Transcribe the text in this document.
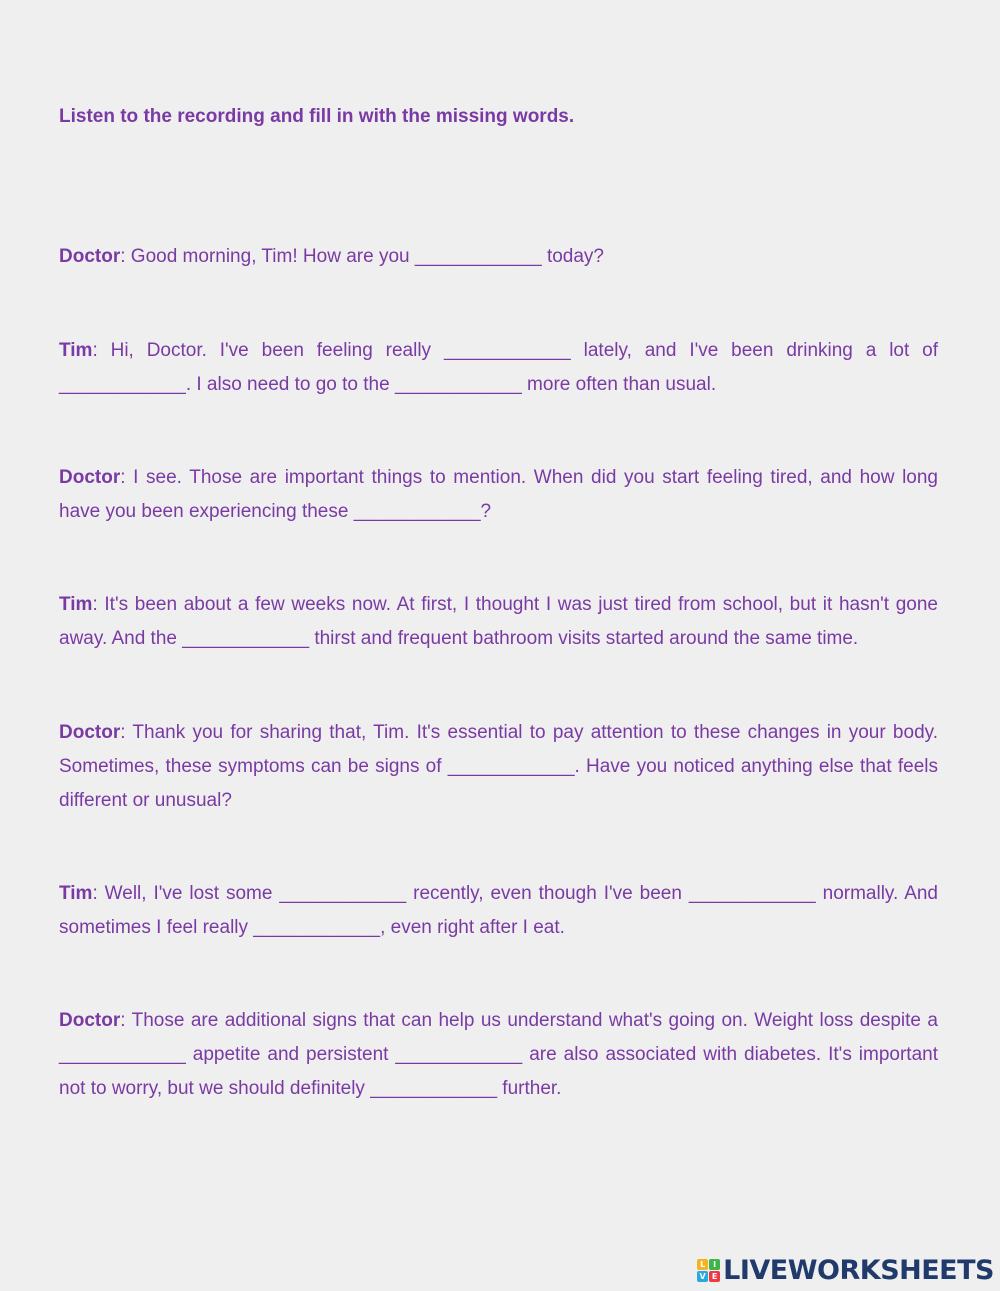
Listen to the recording and fill in with the missing words.
Doctor: Good morning, Tim! How are you ____________ today?
Tim: Hi, Doctor. I've been feeling really ____________ lately, and I've been drinking a lot of ____________. I also need to go to the ____________ more often than usual.
Doctor: I see. Those are important things to mention. When did you start feeling tired, and how long have you been experiencing these ____________?
Tim: It's been about a few weeks now. At first, I thought I was just tired from school, but it hasn't gone away. And the ____________ thirst and frequent bathroom visits started around the same time.
Doctor: Thank you for sharing that, Tim. It's essential to pay attention to these changes in your body. Sometimes, these symptoms can be signs of ____________. Have you noticed anything else that feels different or unusual?
Tim: Well, I've lost some ____________ recently, even though I've been ____________ normally. And sometimes I feel really ____________, even right after I eat.
Doctor: Those are additional signs that can help us understand what's going on. Weight loss despite a ____________ appetite and persistent ____________ are also associated with diabetes. It's important not to worry, but we should definitely ____________ further.
L I
V E LIVEWORKSHEETS
